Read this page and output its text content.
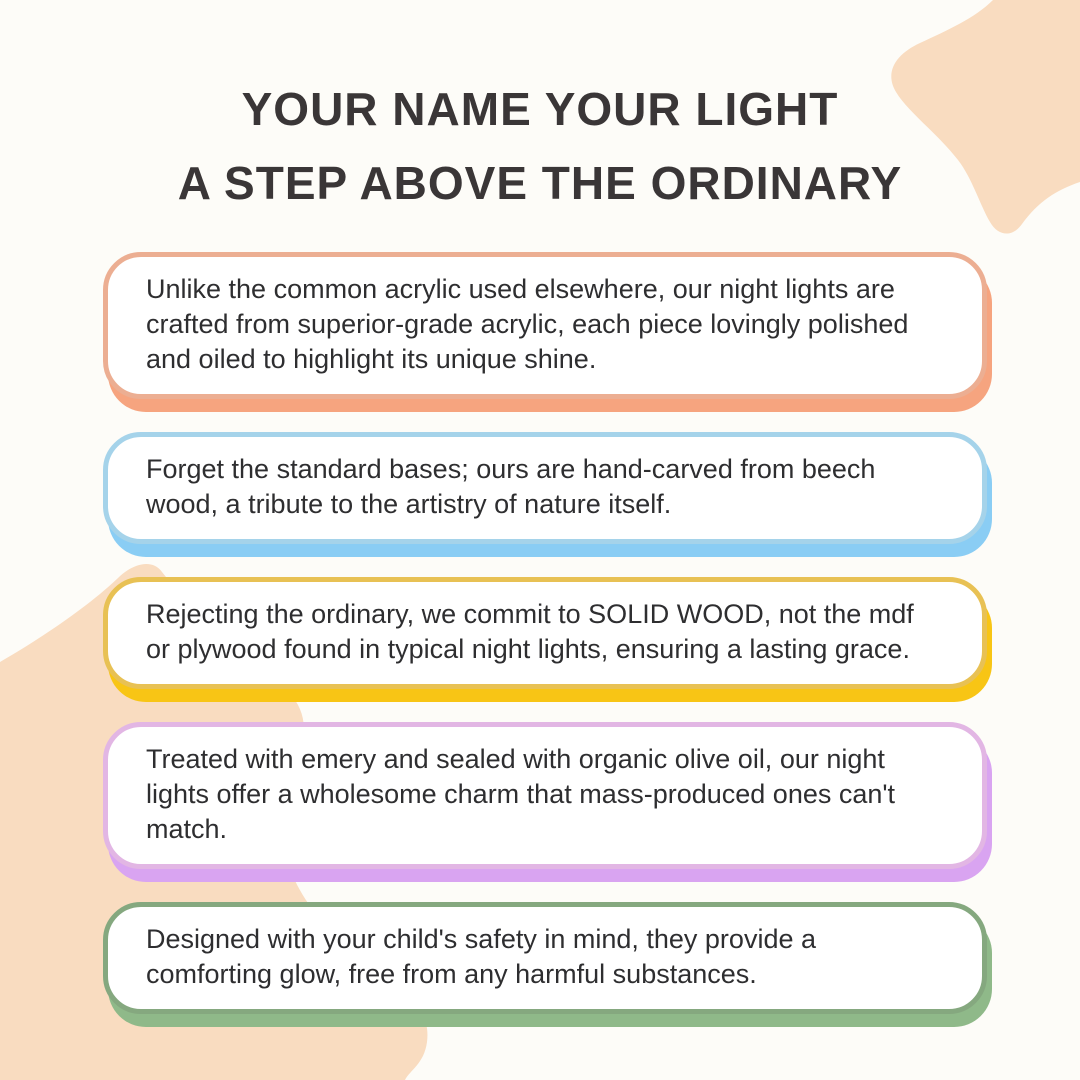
YOUR NAME YOUR LIGHT
A STEP ABOVE THE ORDINARY
Unlike the common acrylic used elsewhere, our night lights are crafted from superior-grade acrylic, each piece lovingly polished and oiled to highlight its unique shine.
Forget the standard bases; ours are hand-carved from beech wood, a tribute to the artistry of nature itself.
Rejecting the ordinary, we commit to SOLID WOOD, not the mdf or plywood found in typical night lights, ensuring a lasting grace.
Treated with emery and sealed with organic olive oil, our night lights offer a wholesome charm that mass-produced ones can't match.
Designed with your child's safety in mind, they provide a comforting glow, free from any harmful substances.
